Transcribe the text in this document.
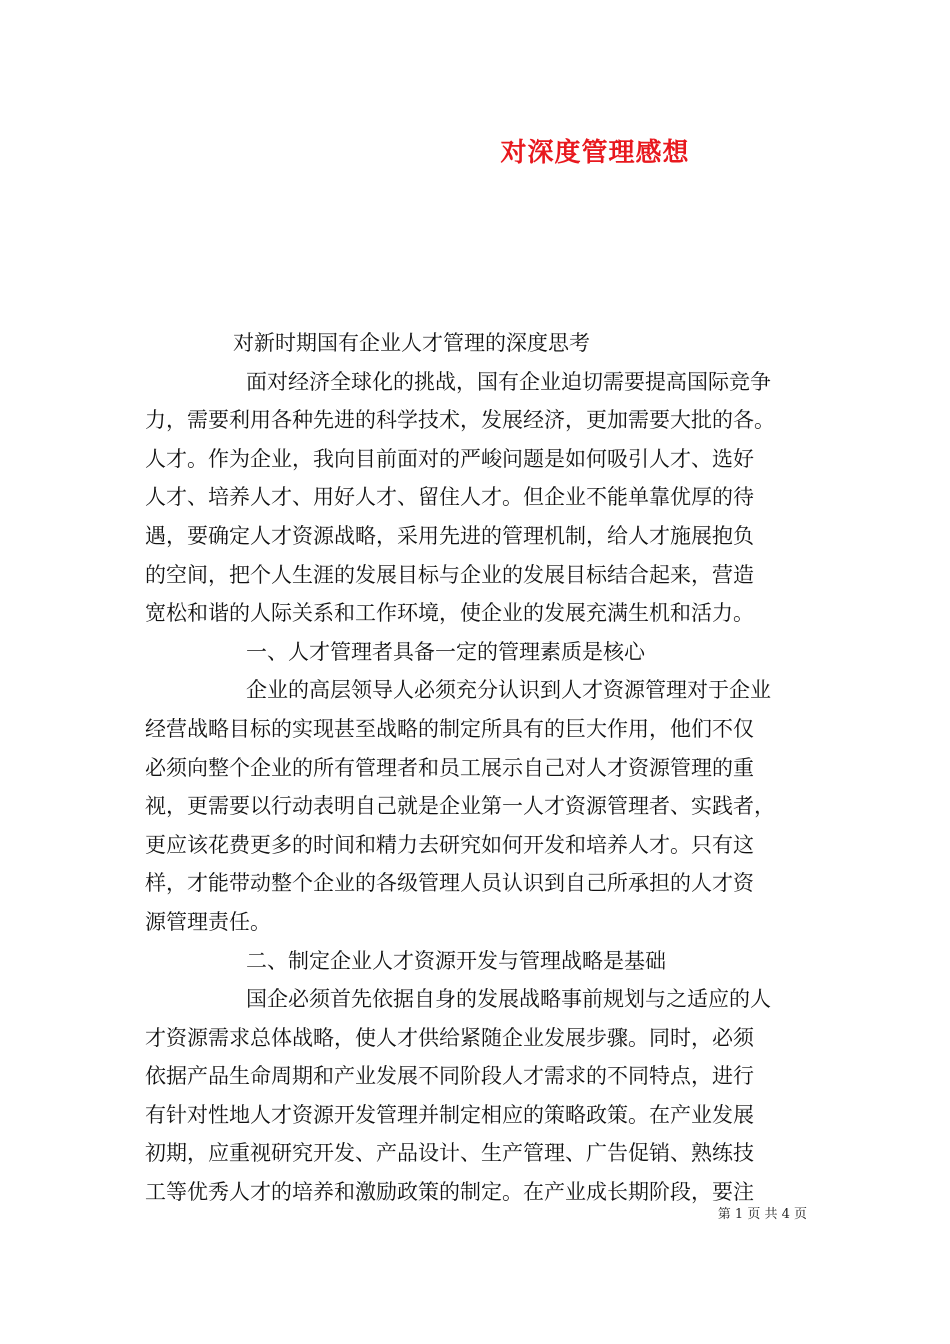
对深度管理感想
对新时期国有企业人才管理的深度思考
面对经济全球化的挑战，国有企业迫切需要提高国际竞争
力，需要利用各种先进的科学技术，发展经济，更加需要大批的各。
人才。作为企业，我向目前面对的严峻问题是如何吸引人才、选好
人才、培养人才、用好人才、留住人才。但企业不能单靠优厚的待
遇，要确定人才资源战略，采用先进的管理机制，给人才施展抱负
的空间，把个人生涯的发展目标与企业的发展目标结合起来，营造
宽松和谐的人际关系和工作环境，使企业的发展充满生机和活力。
一、人才管理者具备一定的管理素质是核心
企业的高层领导人必须充分认识到人才资源管理对于企业
经营战略目标的实现甚至战略的制定所具有的巨大作用，他们不仅
必须向整个企业的所有管理者和员工展示自己对人才资源管理的重
视，更需要以行动表明自己就是企业第一人才资源管理者、实践者，
更应该花费更多的时间和精力去研究如何开发和培养人才。只有这
样，才能带动整个企业的各级管理人员认识到自己所承担的人才资
源管理责任。
二、制定企业人才资源开发与管理战略是基础
国企必须首先依据自身的发展战略事前规划与之适应的人
才资源需求总体战略，使人才供给紧随企业发展步骤。同时，必须
依据产品生命周期和产业发展不同阶段人才需求的不同特点，进行
有针对性地人才资源开发管理并制定相应的策略政策。在产业发展
初期，应重视研究开发、产品设计、生产管理、广告促销、熟练技
工等优秀人才的培养和激励政策的制定。在产业成长期阶段，要注
第 1 页 共 4 页
